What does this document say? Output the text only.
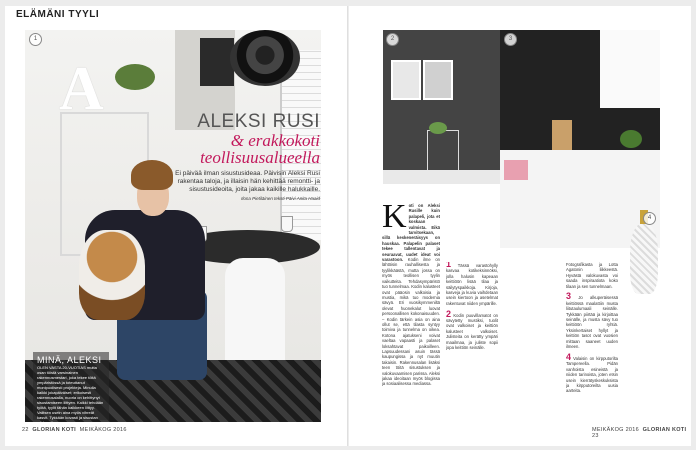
ELÄMÄNI TYYLI
A
1
ALEKSI RUSI
& erakkokoti
teollisuusalueella
Ei päivää ilman sisustusideaa. Päivisin Aleksi Rusi rakentaa taloja, ja illaisin hän kehittää remontti- ja sisustusideoita, joita jakaa kaikille halukkaille.
Ilona Pietiläinen teksti Päivi Anita Haaid
MINÄ, ALEKSI
OLEN VASTA 20-VUOTIAS mutta osan töistä varsinainen rakennusmestari, joka tekee töitä ympäristössä ja toteuttanut monipuolisesti projekteja. Minulla kaikki jokapäiväiset; erikoisesti rakennusalalla, nuoria on kehittynyt sisustamiseen liittyen. Kaikki tehdään työtä, tyylit tähän kaikkeen liittyy. Valitsen usein aina myös vihreät kasvit. Tykkään kovasti ja sisustan rohkeasti.
22 GLORIAN KOTI MEIKÄKOG 2016
2	3
4
K oti on Aleksi Rusille kuin palapeli, jota et koskaan valmista. Eikä tarvitsekaan, sillä keskeneräisyys on hauskaa. Palapelin palaset tekee tallentavat ja seuraavat, uudet ideat voi varastoon. Kodin ilme on lähtöisin rauhallisesta ja tyylikkäästä, mutta jossa on myös teollisen tyylin vaikutteita. Tehdasympäristö tuo tunnelmaa. Kodin kalusteet ovat pääosin valkoisia ja mustia, mikä tuo modernia sävyä. Eri vuosikymmeniltä olevat huonekalut luovat persoonallisen kokonaisuuden. – Kodin tärkein asia on aina ollut se, että tilasta syntyy toimiva ja tunnelma on oikea. Kotona ajatukseni voivat vaeltaa vapaasti ja palaset loksahtavat paikoilleen. Lapsuudessani asuin tässä kaupungissa ja nyt muutin takaisin. Rakennusalan lisäksi teen töitä sisustuksen ja valokuvaamisen parissa. Aleksi jakaa ideoitaan myös blogissa ja sosiaalisessa mediassa.
1 Tässä varastohylly kasvaa kotikeksinnöksi, jolla halusin kapeaan keittiöön lisää tilaa ja säilytyspaikkoja. Kirjoja, kasveja ja kuvia vaihdetaan usein kiertoon ja asetelmat rakentuvat niiden ympärille.

2 Kodin puuvillamatot on sävytetty mustiksi, tuolit ovat valkoiset ja keittiön kalusteet valkoiset. Julisteita on kerätty ympäri maailmaa, ja juliste sopii jopa keittiön seinälle.
Fotografikasta ja Lotta Agatonin liikkeestä. Hyvästä valokuvasta voi saada inspiraatiota koko tilaan ja sen tunnelmaan.

3 Jo alkuperäisessä keittiössä maalattiin musta liitutaulumaali seinälle. Tykkään piirtää ja kirjoittaa seinälle, ja musta sävy tuo keittiöön ryhtiä. Yksinkertaiset hyllyt ja keittiön tasot ovat vuosien mittaan saaneet uuden ilmeen.

4 Valaisin on kirpputorilta Tampereella. Pidän vanhoista esineistä ja niiden tarinoista, joten etsin usein kierrätyskeskuksista ja kirpputoreilta uusia aarteita.
MEIKÄKOG 2016 GLORIAN KOTI  23
